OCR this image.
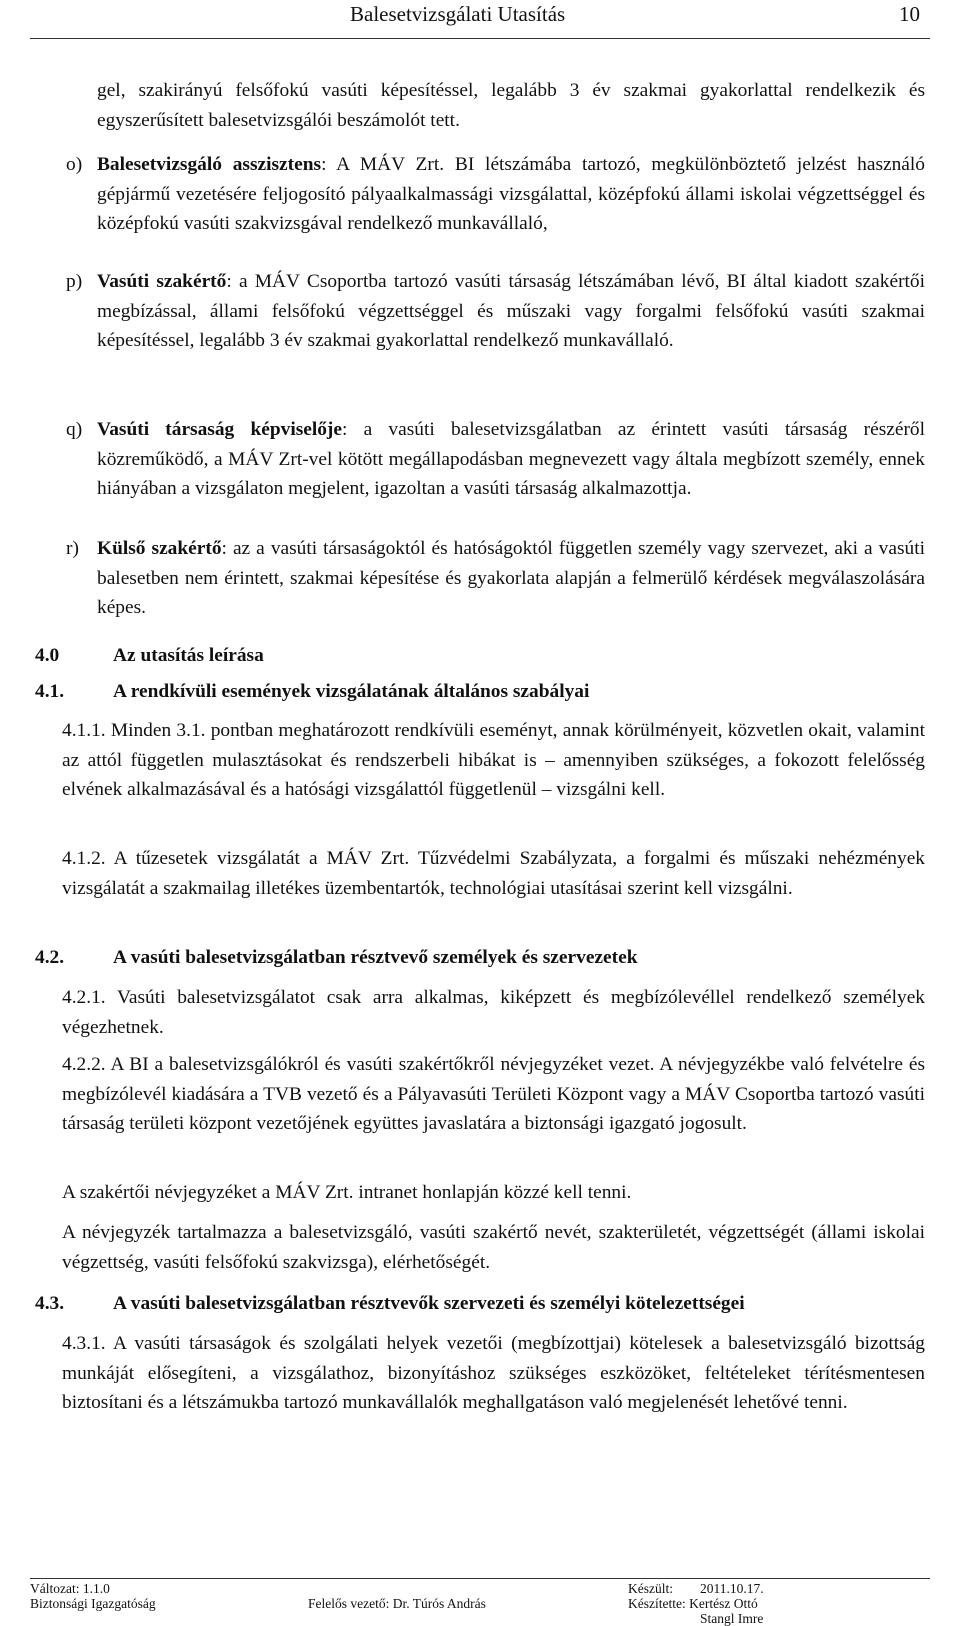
Balesetvizsgálati Utasítás	10

gel, szakirányú felsőfokú vasúti képesítéssel, legalább 3 év szakmai gyakorlattal rendelkezik és egyszerűsített balesetvizsgálói beszámolót tett.

o) Balesetvizsgáló asszisztens: A MÁV Zrt. BI létszámába tartozó, megkülönböztető jelzést használó gépjármű vezetésére feljogosító pályaalkalmassági vizsgálattal, középfokú állami iskolai végzettséggel és középfokú vasúti szakvizsgával rendelkező munkavállaló,

p) Vasúti szakértő: a MÁV Csoportba tartozó vasúti társaság létszámában lévő, BI által kiadott szakértői megbízással, állami felsőfokú végzettséggel és műszaki vagy forgalmi felsőfokú vasúti szakmai képesítéssel, legalább 3 év szakmai gyakorlattal rendelkező munkavállaló.

q) Vasúti társaság képviselője: a vasúti balesetvizsgálatban az érintett vasúti társaság részéről közreműködő, a MÁV Zrt-vel kötött megállapodásban megnevezett vagy általa megbízott személy, ennek hiányában a vizsgálaton megjelent, igazoltan a vasúti társaság alkalmazottja.

r) Külső szakértő: az a vasúti társaságoktól és hatóságoktól független személy vagy szervezet, aki a vasúti balesetben nem érintett, szakmai képesítése és gyakorlata alapján a felmerülő kérdések megválaszolására képes.

4.0	Az utasítás leírása
4.1.	A rendkívüli események vizsgálatának általános szabályai

4.1.1. Minden 3.1. pontban meghatározott rendkívüli eseményt, annak körülményeit, közvetlen okait, valamint az attól független mulasztásokat és rendszerbeli hibákat is – amennyiben szükséges, a fokozott felelősség elvének alkalmazásával és a hatósági vizsgálattól függetlenül – vizsgálni kell.

4.1.2. A tűzesetek vizsgálatát a MÁV Zrt. Tűzvédelmi Szabályzata, a forgalmi és műszaki nehézmények vizsgálatát a szakmailag illetékes üzembentartók, technológiai utasításai szerint kell vizsgálni.

4.2.	A vasúti balesetvizsgálatban résztvevő személyek és szervezetek

4.2.1. Vasúti balesetvizsgálatot csak arra alkalmas, kiképzett és megbízólevéllel rendelkező személyek végezhetnek.

4.2.2. A BI a balesetvizsgálókról és vasúti szakértőkről névjegyzéket vezet. A névjegyzékbe való felvételre és megbízólevél kiadására a TVB vezető és a Pályavasúti Területi Központ vagy a MÁV Csoportba tartozó vasúti társaság területi központ vezetőjének együttes javaslatára a biztonsági igazgató jogosult.

A szakértői névjegyzéket a MÁV Zrt. intranet honlapján közzé kell tenni.

A névjegyzék tartalmazza a balesetvizsgáló, vasúti szakértő nevét, szakterületét, végzettségét (állami iskolai végzettség, vasúti felsőfokú szakvizsga), elérhetőségét.

4.3.	A vasúti balesetvizsgálatban résztvevők szervezeti és személyi kötelezettségei

4.3.1. A vasúti társaságok és szolgálati helyek vezetői (megbízottjai) kötelesek a balesetvizsgáló bizottság munkáját elősegíteni, a vizsgálathoz, bizonyításhoz szükséges eszközöket, feltételeket térítésmentesen biztosítani és a létszámukba tartozó munkavállalók meghallgatáson való megjelenését lehetővé tenni.

Változat: 1.1.0
Biztonsági Igazgatóság	Felelős vezető: Dr. Túrós András
Készült: 2011.10.17.
Készítette: Kertész Ottó
Stangl Imre
